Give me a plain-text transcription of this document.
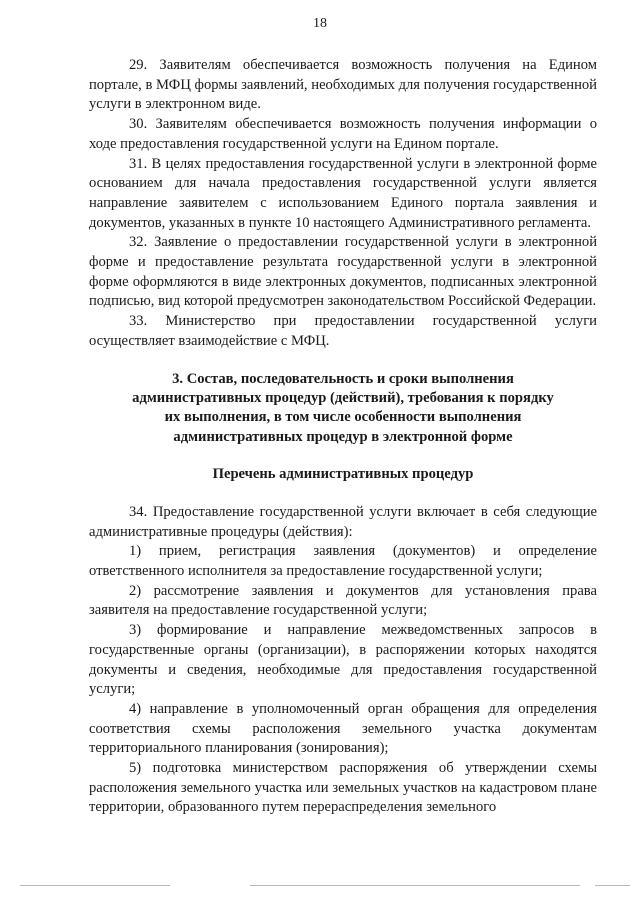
18

29. Заявителям обеспечивается возможность получения на Едином портале, в МФЦ формы заявлений, необходимых для получения государственной услуги в электронном виде.

30. Заявителям обеспечивается возможность получения информации о ходе предоставления государственной услуги на Едином портале.

31. В целях предоставления государственной услуги в электронной форме основанием для начала предоставления государственной услуги является направление заявителем с использованием Единого портала заявления и документов, указанных в пункте 10 настоящего Административного регламента.

32. Заявление о предоставлении государственной услуги в электронной форме и предоставление результата государственной услуги в электронной форме оформляются в виде электронных документов, подписанных электронной подписью, вид которой предусмотрен законодательством Российской Федерации.

33. Министерство при предоставлении государственной услуги осуществляет взаимодействие с МФЦ.

3. Состав, последовательность и сроки выполнения
административных процедур (действий), требования к порядку
их выполнения, в том числе особенности выполнения
административных процедур в электронной форме
Перечень административных процедур

34. Предоставление государственной услуги включает в себя следующие административные процедуры (действия):

1) прием, регистрация заявления (документов) и определение ответственного исполнителя за предоставление государственной услуги;

2) рассмотрение заявления и документов для установления права заявителя на предоставление государственной услуги;

3) формирование и направление межведомственных запросов в государственные органы (организации), в распоряжении которых находятся документы и сведения, необходимые для предоставления государственной услуги;

4) направление в уполномоченный орган обращения для определения соответствия схемы расположения земельного участка документам территориального планирования (зонирования);

5) подготовка министерством распоряжения об утверждении схемы расположения земельного участка или земельных участков на кадастровом плане территории, образованного путем перераспределения земельного
